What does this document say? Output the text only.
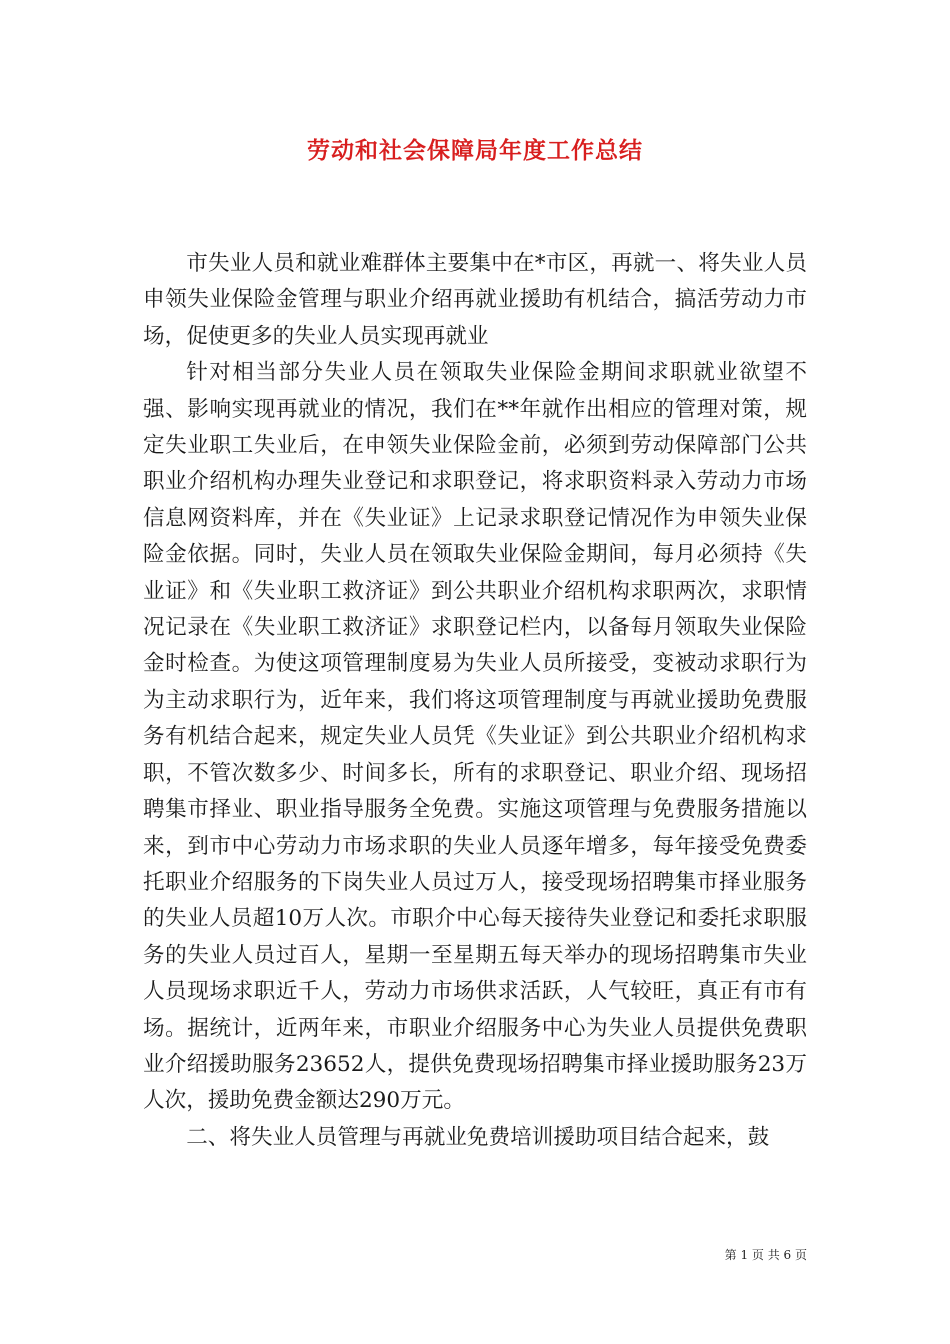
劳动和社会保障局年度工作总结

市失业人员和就业难群体主要集中在*市区，再就一、将失业人员申领失业保险金管理与职业介绍再就业援助有机结合，搞活劳动力市场，促使更多的失业人员实现再就业

针对相当部分失业人员在领取失业保险金期间求职就业欲望不强、影响实现再就业的情况，我们在**年就作出相应的管理对策，规定失业职工失业后，在申领失业保险金前，必须到劳动保障部门公共职业介绍机构办理失业登记和求职登记，将求职资料录入劳动力市场信息网资料库，并在《失业证》上记录求职登记情况作为申领失业保险金依据。同时，失业人员在领取失业保险金期间，每月必须持《失业证》和《失业职工救济证》到公共职业介绍机构求职两次，求职情况记录在《失业职工救济证》求职登记栏内，以备每月领取失业保险金时检查。为使这项管理制度易为失业人员所接受，变被动求职行为为主动求职行为，近年来，我们将这项管理制度与再就业援助免费服务有机结合起来，规定失业人员凭《失业证》到公共职业介绍机构求职，不管次数多少、时间多长，所有的求职登记、职业介绍、现场招聘集市择业、职业指导服务全免费。实施这项管理与免费服务措施以来，到市中心劳动力市场求职的失业人员逐年增多，每年接受免费委托职业介绍服务的下岗失业人员过万人，接受现场招聘集市择业服务的失业人员超10万人次。市职介中心每天接待失业登记和委托求职服务的失业人员过百人，星期一至星期五每天举办的现场招聘集市失业人员现场求职近千人，劳动力市场供求活跃，人气较旺，真正有市有场。据统计，近两年来，市职业介绍服务中心为失业人员提供免费职业介绍援助服务23652人，提供免费现场招聘集市择业援助服务23万人次，援助免费金额达290万元。

二、将失业人员管理与再就业免费培训援助项目结合起来，鼓

第 1 页 共 6 页
